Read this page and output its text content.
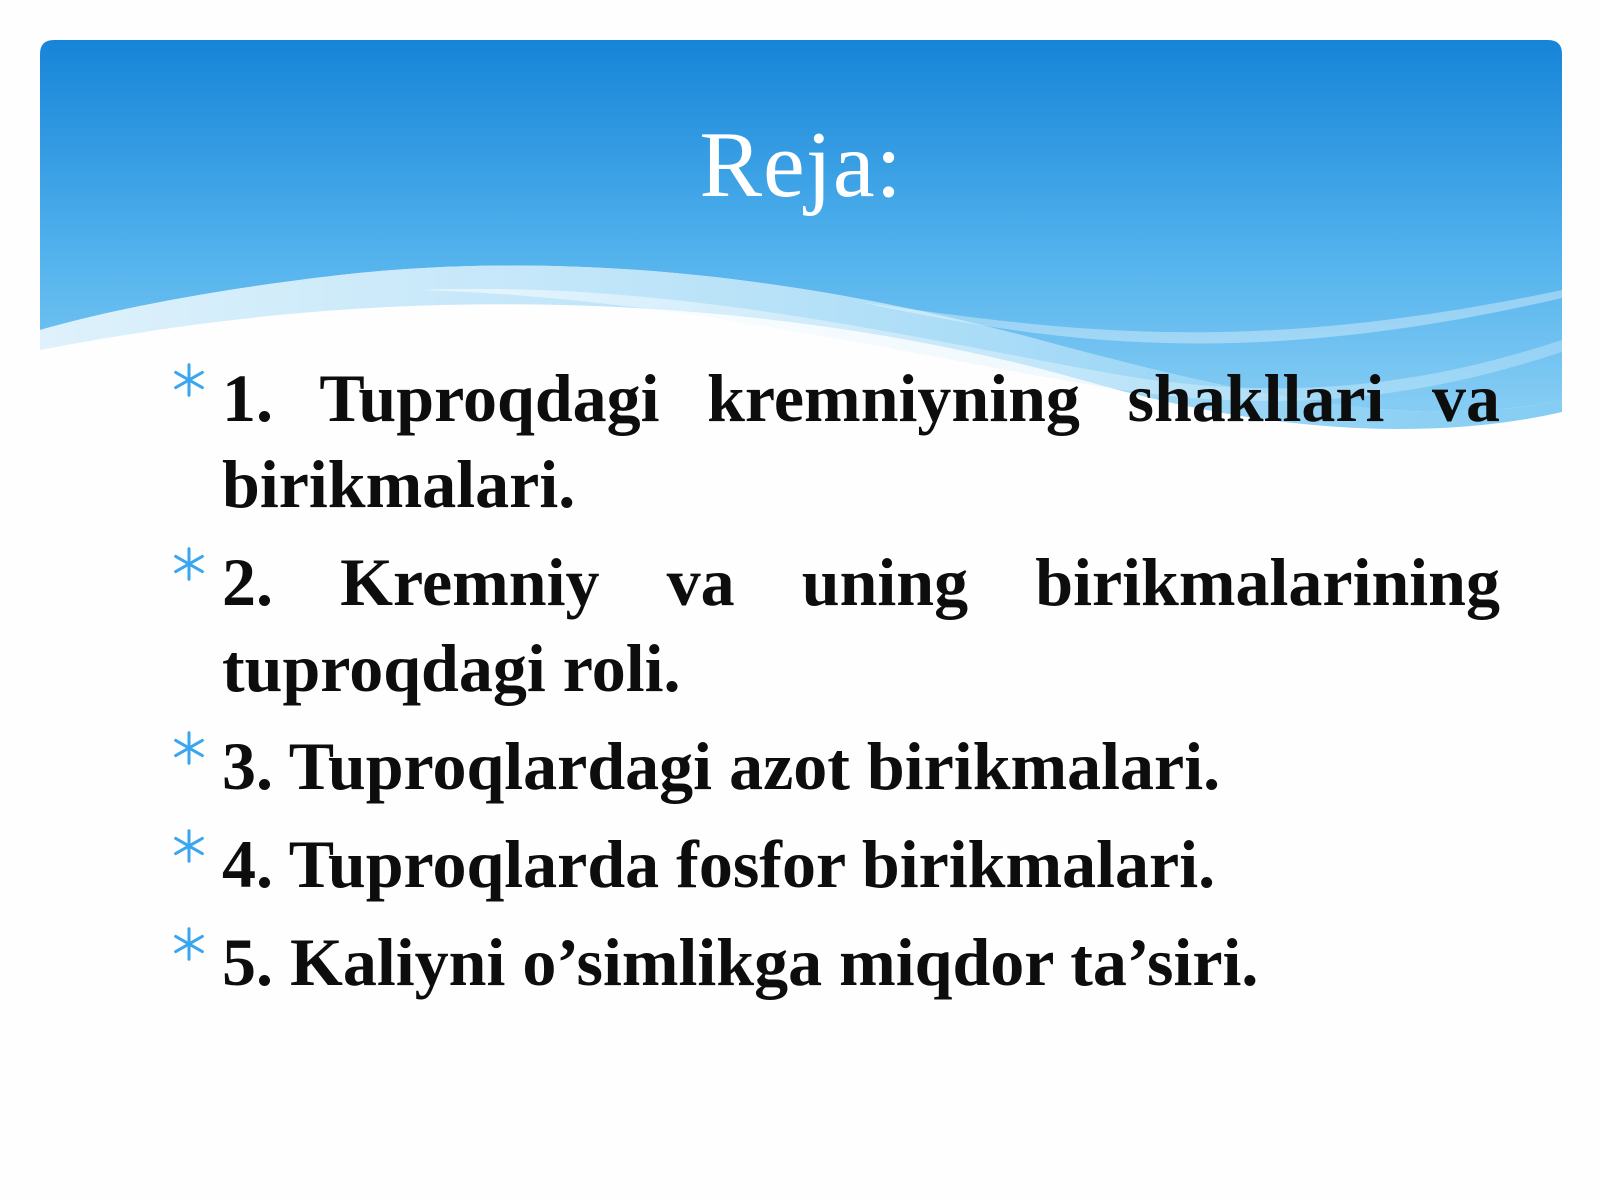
Reja:
1. Tuproqdagi kremniyning shakllari va birikmalari.
2. Kremniy va uning birikmalarining tuproqdagi roli.
3. Tuproqlardagi azot birikmalari.
4. Tuproqlarda fosfor birikmalari.
5. Kaliyni o’simlikga miqdor ta’siri.
